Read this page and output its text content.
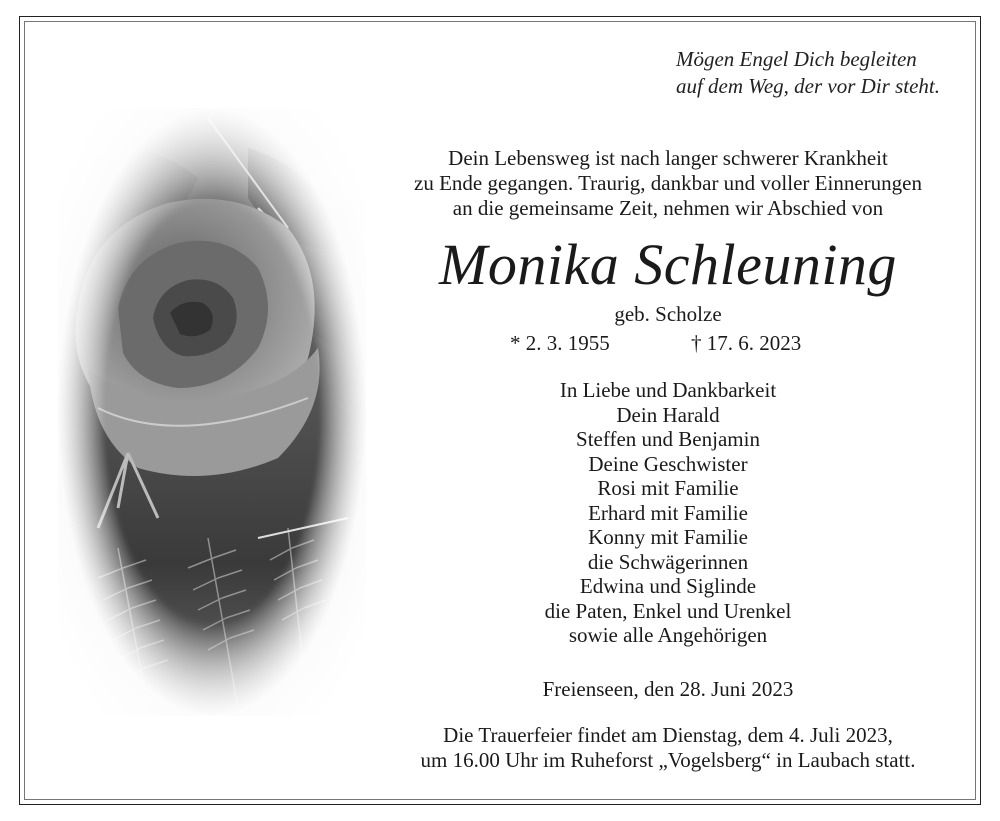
Mögen Engel Dich begleiten
auf dem Weg, der vor Dir steht.
Dein Lebensweg ist nach langer schwerer Krankheit
zu Ende gegangen. Traurig, dankbar und voller Einnerungen
an die gemeinsame Zeit, nehmen wir Abschied von
Monika Schleuning
geb. Scholze
* 2. 3. 1955	† 17. 6. 2023
In Liebe und Dankbarkeit
Dein Harald
Steffen und Benjamin
Deine Geschwister
Rosi mit Familie
Erhard mit Familie
Konny mit Familie
die Schwägerinnen
Edwina und Siglinde
die Paten, Enkel und Urenkel
sowie alle Angehörigen
Freienseen, den 28. Juni 2023
Die Trauerfeier findet am Dienstag, dem 4. Juli 2023,
um 16.00 Uhr im Ruheforst „Vogelsberg“ in Laubach statt.
